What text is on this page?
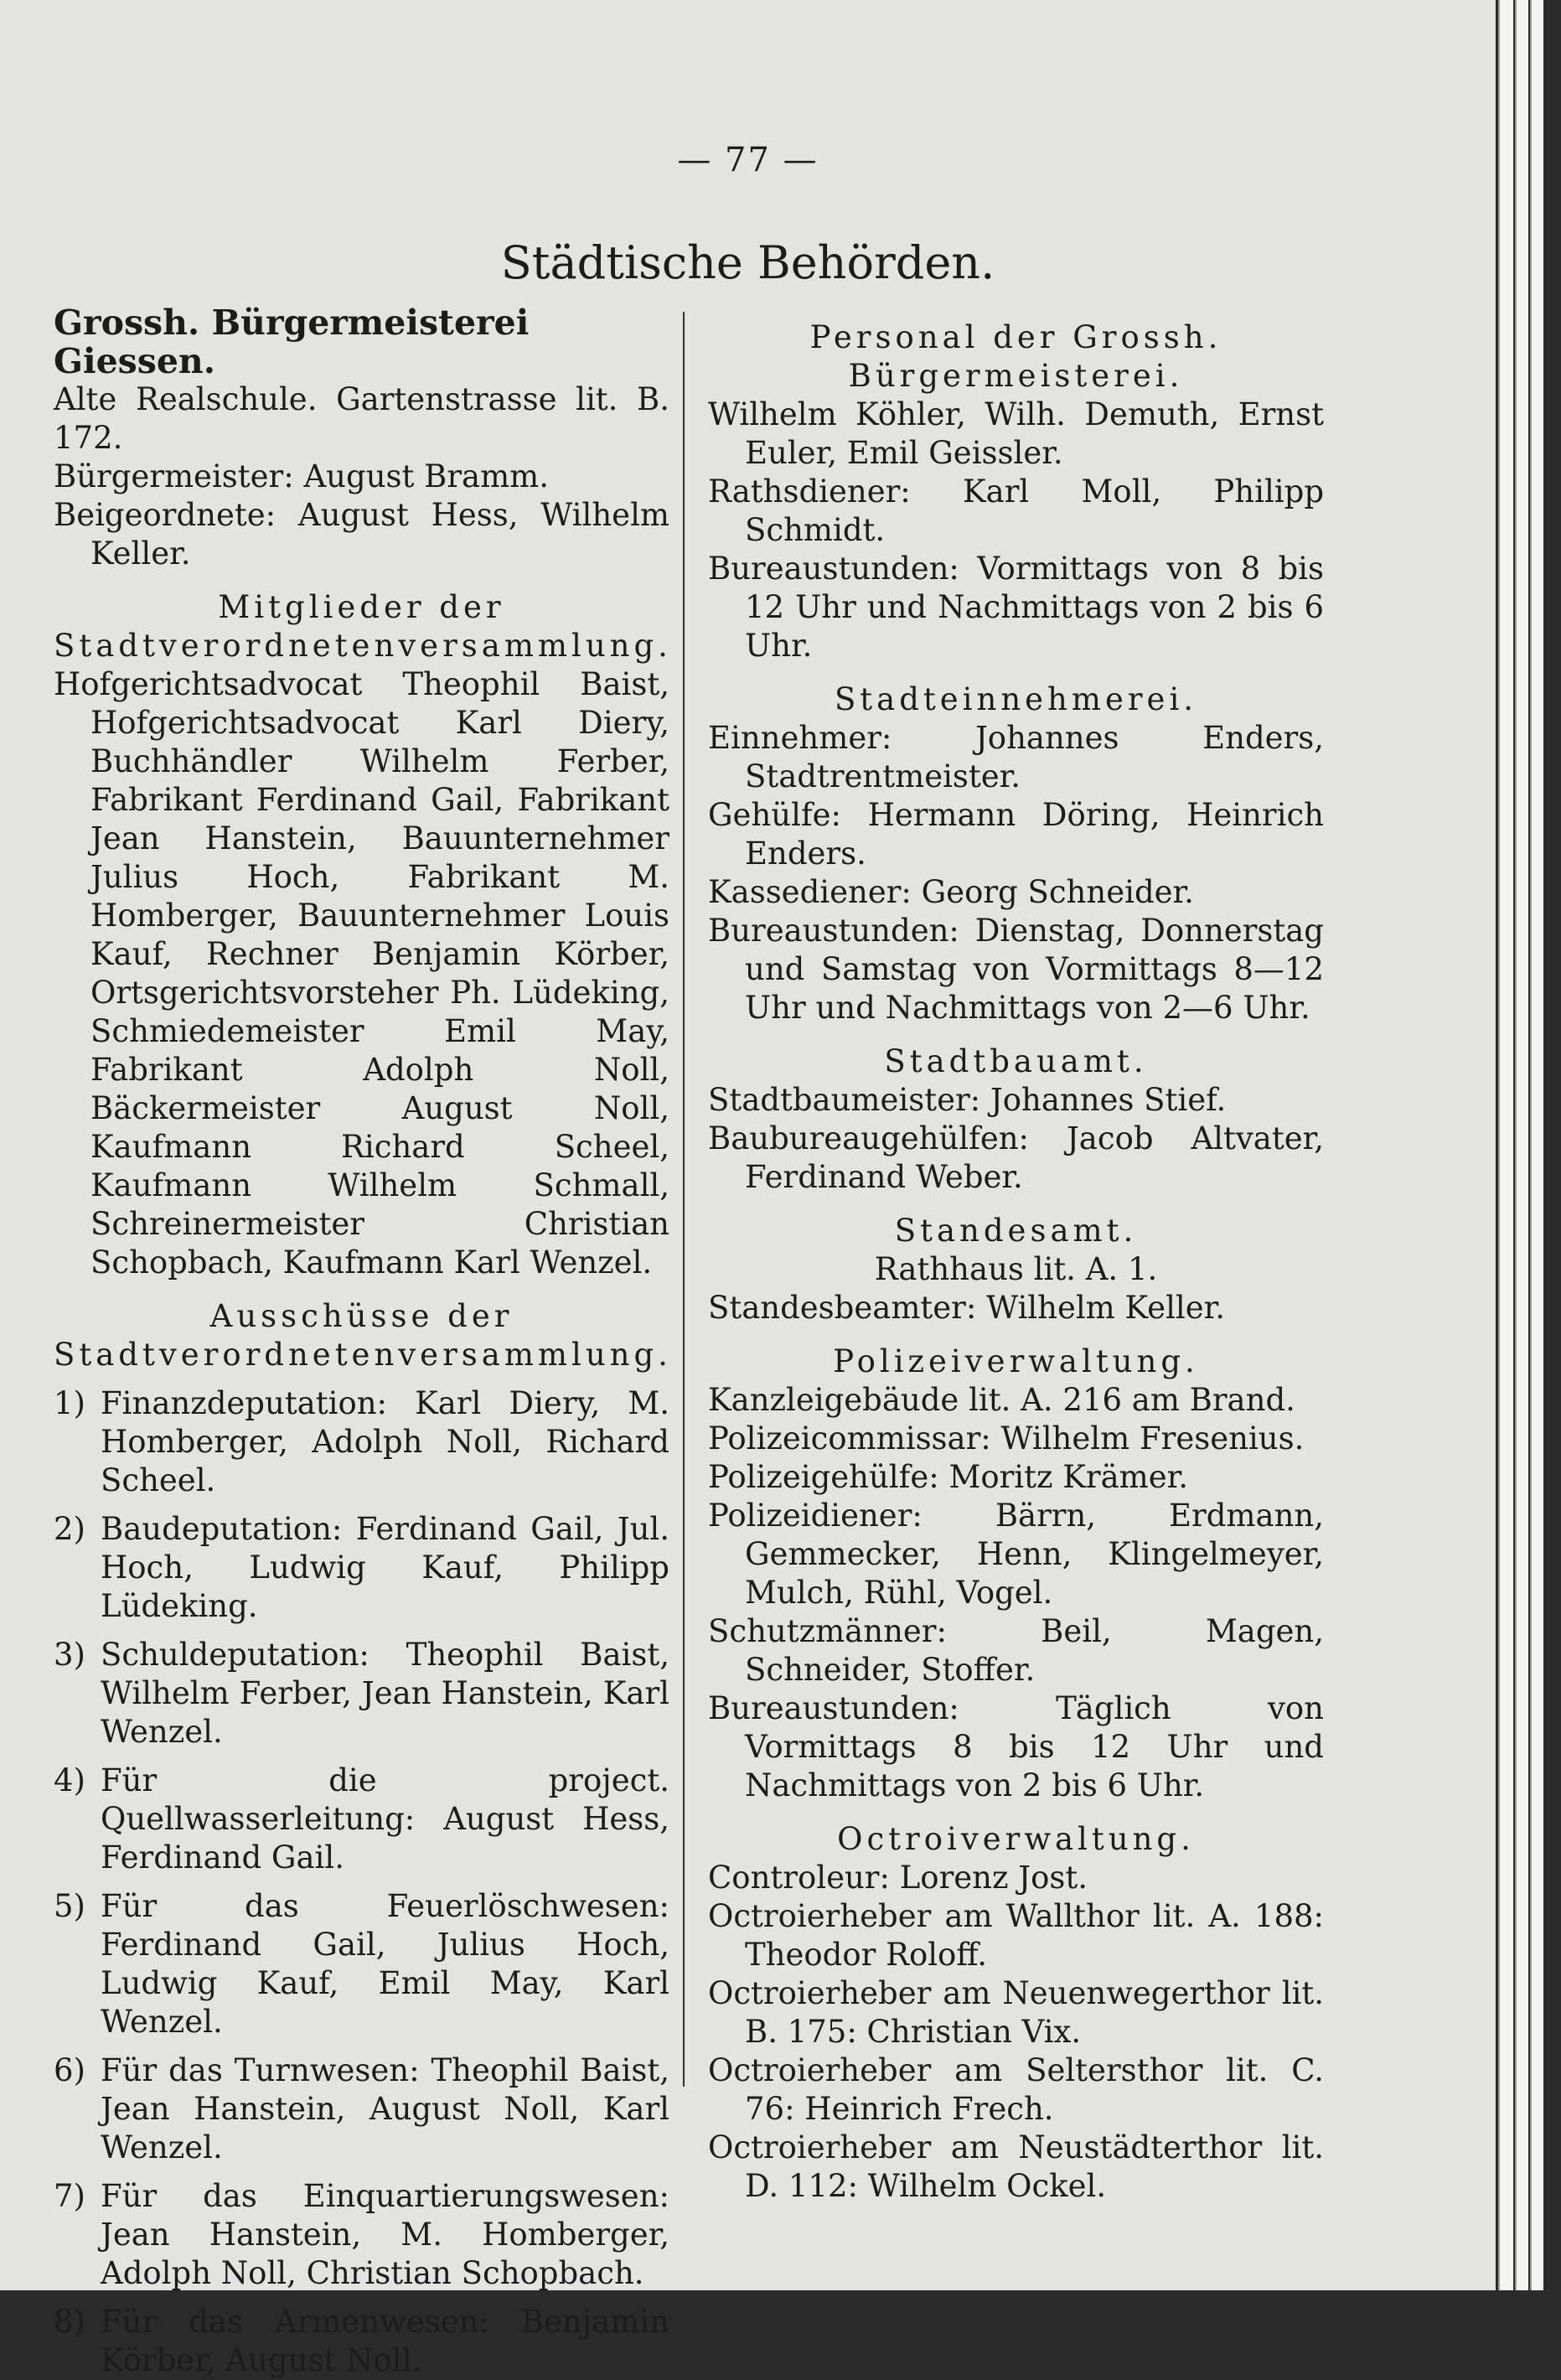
— 77 —
Städtische Behörden.

Grossh. Bürgermeisterei Giessen.

Alte Realschule. Gartenstrasse lit. B. 172.

Bürgermeister: August Bramm.

Beigeordnete: August Hess, Wilhelm Keller.

Mitglieder der Stadtverordnetenversammlung.

Hofgerichtsadvocat Theophil Baist, Hofgerichtsadvocat Karl Diery, Buchhändler Wilhelm Ferber, Fabrikant Ferdinand Gail, Fabrikant Jean Hanstein, Bauunternehmer Julius Hoch, Fabrikant M. Homberger, Bauunternehmer Louis Kauf, Rechner Benjamin Körber, Ortsgerichtsvorsteher Ph. Lüdeking, Schmiedemeister Emil May, Fabrikant Adolph Noll, Bäckermeister August Noll, Kaufmann Richard Scheel, Kaufmann Wilhelm Schmall, Schreinermeister Christian Schopbach, Kaufmann Karl Wenzel.

Ausschüsse der Stadtverordnetenversammlung.

1) Finanzdeputation: Karl Diery, M. Homberger, Adolph Noll, Richard Scheel.
2) Baudeputation: Ferdinand Gail, Jul. Hoch, Ludwig Kauf, Philipp Lüdeking.
3) Schuldeputation: Theophil Baist, Wilhelm Ferber, Jean Hanstein, Karl Wenzel.
4) Für die project. Quellwasserleitung: August Hess, Ferdinand Gail.
5) Für das Feuerlöschwesen: Ferdinand Gail, Julius Hoch, Ludwig Kauf, Emil May, Karl Wenzel.
6) Für das Turnwesen: Theophil Baist, Jean Hanstein, August Noll, Karl Wenzel.
7) Für das Einquartierungswesen: Jean Hanstein, M. Homberger, Adolph Noll, Christian Schopbach.
8) Für das Armenwesen: Benjamin Körber, August Noll.

Personal der Grossh. Bürgermeisterei.

Wilhelm Köhler, Wilh. Demuth, Ernst Euler, Emil Geissler.

Rathsdiener: Karl Moll, Philipp Schmidt.

Bureaustunden: Vormittags von 8 bis 12 Uhr und Nachmittags von 2 bis 6 Uhr.

Stadteinnehmerei.

Einnehmer: Johannes Enders, Stadtrentmeister.

Gehülfe: Hermann Döring, Heinrich Enders.

Kassediener: Georg Schneider.

Bureaustunden: Dienstag, Donnerstag und Samstag von Vormittags 8—12 Uhr und Nachmittags von 2—6 Uhr.

Stadtbauamt.

Stadtbaumeister: Johannes Stief.

Baubureaugehülfen: Jacob Altvater, Ferdinand Weber.

Standesamt.

Rathhaus lit. A. 1.

Standesbeamter: Wilhelm Keller.

Polizeiverwaltung.

Kanzleigebäude lit. A. 216 am Brand.

Polizeicommissar: Wilhelm Fresenius.

Polizeigehülfe: Moritz Krämer.

Polizeidiener: Bärrn, Erdmann, Gemmecker, Henn, Klingelmeyer, Mulch, Rühl, Vogel.

Schutzmänner: Beil, Magen, Schneider, Stoffer.

Bureaustunden: Täglich von Vormittags 8 bis 12 Uhr und Nachmittags von 2 bis 6 Uhr.

Octroiverwaltung.

Controleur: Lorenz Jost.

Octroierheber am Wallthor lit. A. 188: Theodor Roloff.

Octroierheber am Neuenwegerthor lit. B. 175: Christian Vix.

Octroierheber am Seltersthor lit. C. 76: Heinrich Frech.

Octroierheber am Neustädterthor lit. D. 112: Wilhelm Ockel.
